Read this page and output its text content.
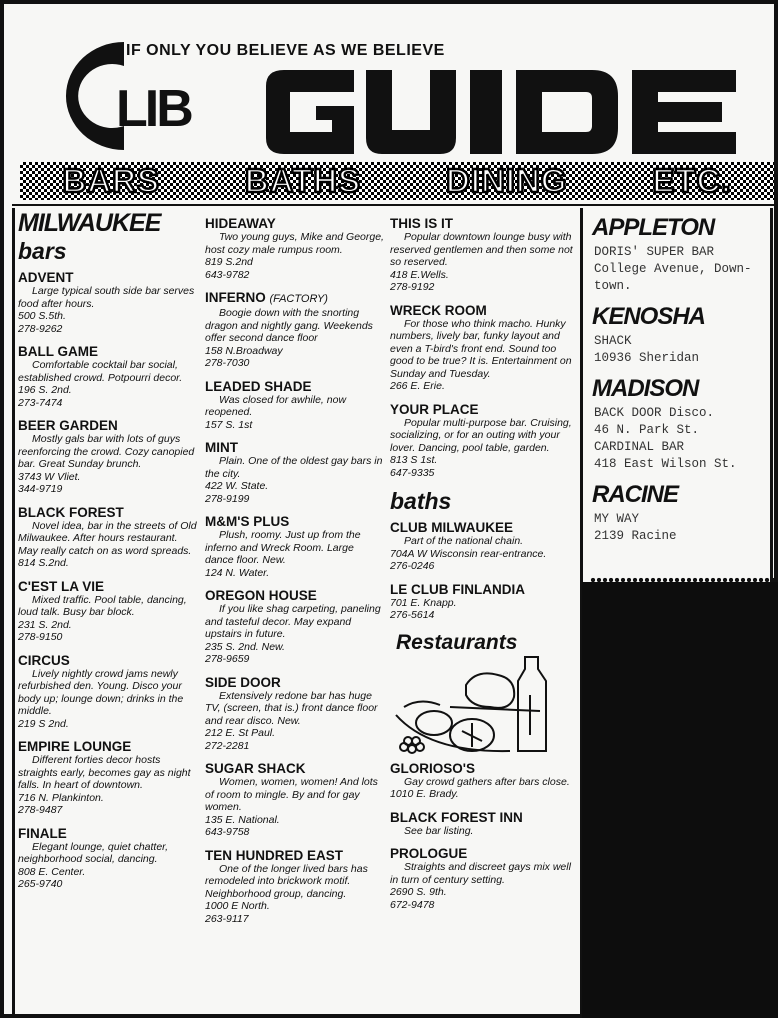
LIB
IF ONLY YOU BELIEVE AS WE BELIEVE
BARS	BATHS	DINING	ETC.
MILWAUKEE
bars
ADVENT
Large typical south side bar serves food after hours.
500 S.5th.
278-9262
BALL GAME
Comfortable cocktail bar social, established crowd. Potpourri decor.
196 S. 2nd.
273-7474
BEER GARDEN
Mostly gals bar with lots of guys reenforcing the crowd. Cozy canopied bar. Great Sunday brunch.
3743 W Vliet.
344-9719
BLACK FOREST
Novel idea, bar in the streets of Old Milwaukee. After hours restaurant. May really catch on as word spreads.
814 S.2nd.
C'EST LA VIE
Mixed traffic. Pool table, dancing, loud talk. Busy bar block.
231 S. 2nd.
278-9150
CIRCUS
Lively nightly crowd jams newly refurbished den. Young. Disco your body up; lounge down; drinks in the middle.
219 S 2nd.
EMPIRE LOUNGE
Different forties decor hosts straights early, becomes gay as night falls. In heart of downtown.
716 N. Plankinton.
278-9487
FINALE
Elegant lounge, quiet chatter, neighborhood social, dancing.
808 E. Center.
265-9740
HIDEAWAY
Two young guys, Mike and George, host cozy male rumpus room.
819 S.2nd
643-9782
INFERNO (FACTORY)
Boogie down with the snorting dragon and nightly gang. Weekends offer second dance floor
158 N.Broadway
278-7030
LEADED SHADE
Was closed for awhile, now reopened.
157 S. 1st
MINT
Plain. One of the oldest gay bars in the city.
422 W. State.
278-9199
M&M'S PLUS
Plush, roomy. Just up from the inferno and Wreck Room. Large dance floor. New.
124 N. Water.
OREGON HOUSE
If you like shag carpeting, paneling and tasteful decor. May expand upstairs in future.
235 S. 2nd. New.
278-9659
SIDE DOOR
Extensively redone bar has huge TV, (screen, that is.) front dance floor and rear disco. New.
212 E. St Paul.
272-2281
SUGAR SHACK
Women, women, women! And lots of room to mingle. By and for gay women.
135 E. National.
643-9758
TEN HUNDRED EAST
One of the longer lived bars has remodeled into brickwork motif. Neighborhood group, dancing.
1000 E North.
263-9117
THIS IS IT
Popular downtown lounge busy with reserved gentlemen and then some not so reserved.
418 E.Wells.
278-9192
WRECK ROOM
For those who think macho. Hunky numbers, lively bar, funky layout and even a T-bird's front end. Sound too good to be true? It is. Entertainment on Sunday and Tuesday.
266 E. Erie.
YOUR PLACE
Popular multi-purpose bar. Cruising, socializing, or for an outing with your lover. Dancing, pool table, garden.
813 S 1st.
647-9335
baths
CLUB MILWAUKEE
Part of the national chain.
704A W Wisconsin rear-entrance.
276-0246
LE CLUB FINLANDIA
701 E. Knapp.
276-5614
Restaurants
GLORIOSO'S
Gay crowd gathers after bars close.
1010 E. Brady.
BLACK FOREST INN
See bar listing.
PROLOGUE
Straights and discreet gays mix well in turn of century setting.
2690 S. 9th.
672-9478
APPLETON
DORIS' SUPER BAR
College Avenue, Down-
town.
KENOSHA
SHACK
10936 Sheridan
MADISON
BACK DOOR Disco.
46 N. Park St.
CARDINAL BAR
418 East Wilson St.
RACINE
MY WAY
2139 Racine
